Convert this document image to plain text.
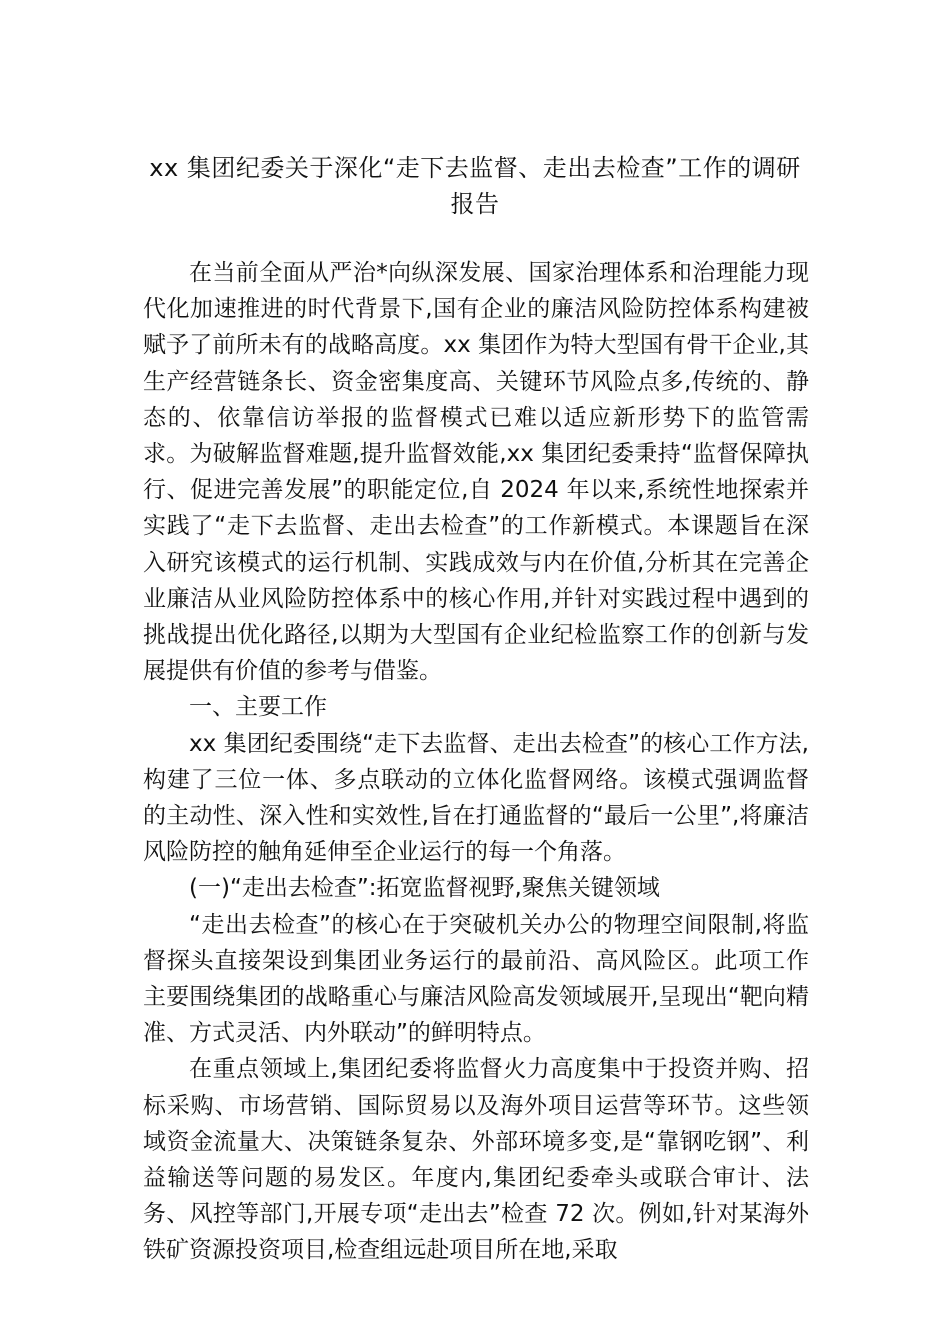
xx 集团纪委关于深化“走下去监督、走出去检查”工作的调研报告

在当前全面从严治*向纵深发展、国家治理体系和治理能力现代化加速推进的时代背景下,国有企业的廉洁风险防控体系构建被赋予了前所未有的战略高度。xx 集团作为特大型国有骨干企业,其生产经营链条长、资金密集度高、关键环节风险点多,传统的、静态的、依靠信访举报的监督模式已难以适应新形势下的监管需求。为破解监督难题,提升监督效能,xx 集团纪委秉持“监督保障执行、促进完善发展”的职能定位,自 2024 年以来,系统性地探索并实践了“走下去监督、走出去检查”的工作新模式。本课题旨在深入研究该模式的运行机制、实践成效与内在价值,分析其在完善企业廉洁从业风险防控体系中的核心作用,并针对实践过程中遇到的挑战提出优化路径,以期为大型国有企业纪检监察工作的创新与发展提供有价值的参考与借鉴。

一、主要工作

xx 集团纪委围绕“走下去监督、走出去检查”的核心工作方法,构建了三位一体、多点联动的立体化监督网络。该模式强调监督的主动性、深入性和实效性,旨在打通监督的“最后一公里”,将廉洁风险防控的触角延伸至企业运行的每一个角落。

(一)“走出去检查”:拓宽监督视野,聚焦关键领域

“走出去检查”的核心在于突破机关办公的物理空间限制,将监督探头直接架设到集团业务运行的最前沿、高风险区。此项工作主要围绕集团的战略重心与廉洁风险高发领域展开,呈现出“靶向精准、方式灵活、内外联动”的鲜明特点。

在重点领域上,集团纪委将监督火力高度集中于投资并购、招标采购、市场营销、国际贸易以及海外项目运营等环节。这些领域资金流量大、决策链条复杂、外部环境多变,是“靠钢吃钢”、利益输送等问题的易发区。年度内,集团纪委牵头或联合审计、法务、风控等部门,开展专项“走出去”检查 72 次。例如,针对某海外铁矿资源投资项目,检查组远赴项目所在地,采取
